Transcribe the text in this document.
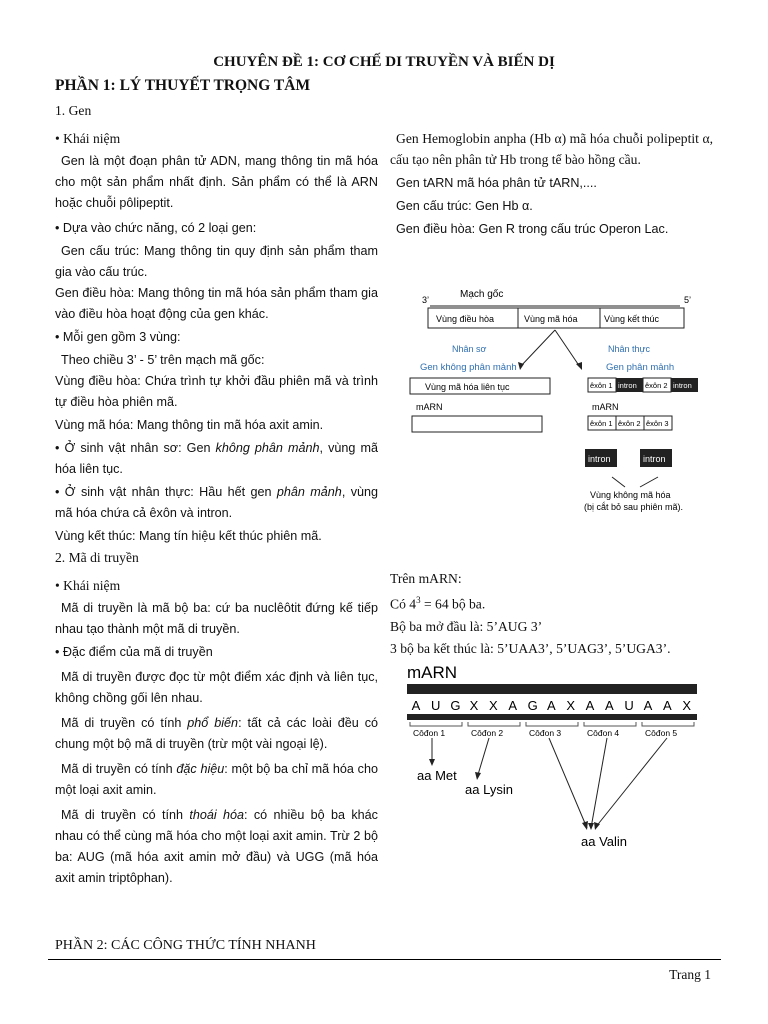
CHUYÊN ĐỀ 1: CƠ CHẾ DI TRUYỀN VÀ BIẾN DỊ
PHẦN 1: LÝ THUYẾT TRỌNG TÂM

1. Gen

• Khái niệm

Gen là một đoạn phân tử ADN, mang thông tin mã hóa cho một sản phẩm nhất định. Sản phẩm có thể là ARN hoặc chuỗi pôlipeptit.

• Dựa vào chức năng, có 2 loại gen:

Gen cấu trúc: Mang thông tin quy định sản phẩm tham gia vào cấu trúc.

Gen điều hòa: Mang thông tin mã hóa sản phẩm tham gia vào điều hòa hoạt động của gen khác.

• Mỗi gen gồm 3 vùng:

Theo chiều 3’ - 5’ trên mạch mã gốc:

Vùng điều hòa: Chứa trình tự khởi đầu phiên mã và trình tự điều hòa phiên mã.

Vùng mã hóa: Mang thông tin mã hóa axit amin.

• Ở sinh vật nhân sơ: Gen không phân mảnh, vùng mã hóa liên tục.

• Ở sinh vật nhân thực: Hầu hết gen phân mảnh, vùng mã hóa chứa cả êxôn và intron.

Vùng kết thúc: Mang tín hiệu kết thúc phiên mã.

2. Mã di truyền

• Khái niệm

Mã di truyền là mã bộ ba: cứ ba nuclêôtit đứng kế tiếp nhau tạo thành một mã di truyền.

• Đặc điểm của mã di truyền

Mã di truyền được đọc từ một điểm xác định và liên tục, không chồng gối lên nhau.

Mã di truyền có tính phổ biến: tất cả các loài đều có chung một bộ mã di truyền (trừ một vài ngoại lệ).

Mã di truyền có tính đặc hiệu: một bộ ba chỉ mã hóa cho một loại axit amin.

Mã di truyền có tính thoái hóa: có nhiều bộ ba khác nhau có thể cùng mã hóa cho một loại axit amin. Trừ 2 bộ ba: AUG (mã hóa axit amin mở đầu) và UGG (mã hóa axit amin triptôphan).

Gen Hemoglobin anpha (Hb α) mã hóa chuỗi polipeptit α, cấu tạo nên phân tử Hb trong tế bào hồng cầu.

Gen tARN mã hóa phân tử tARN,....

Gen cấu trúc: Gen Hb α.

Gen điều hòa: Gen R trong cấu trúc Operon Lac.

3’	Mạch gốc	5’
Vùng điều hòa	Vùng mã hóa	Vùng kết thúc
Nhân sơ	Nhân thực
Gen không phân mảnh	Gen phân mảnh
Vùng mã hóa liên tục	êxôn 1 intron êxôn 2 intron
mARN	mARN
êxôn 1 êxôn 2 êxôn 3
intron	intron
Vùng không mã hóa
(bị cắt bỏ sau phiên mã).

Trên mARN:

Có $4^3 = 64$ bộ ba.

Bộ ba mở đầu là: 5’AUG 3’

3 bộ ba kết thúc là: 5’UAA3’, 5’UAG3’, 5’UGA3’.

mARN
A U G X X A G A X A A U A A X
Côđon 1	Côđon 2	Côđon 3	Côđon 4	Côđon 5
aa Met
aa Lysin
aa Valin
PHẦN 2: CÁC CÔNG THỨC TÍNH NHANH
Trang 1
